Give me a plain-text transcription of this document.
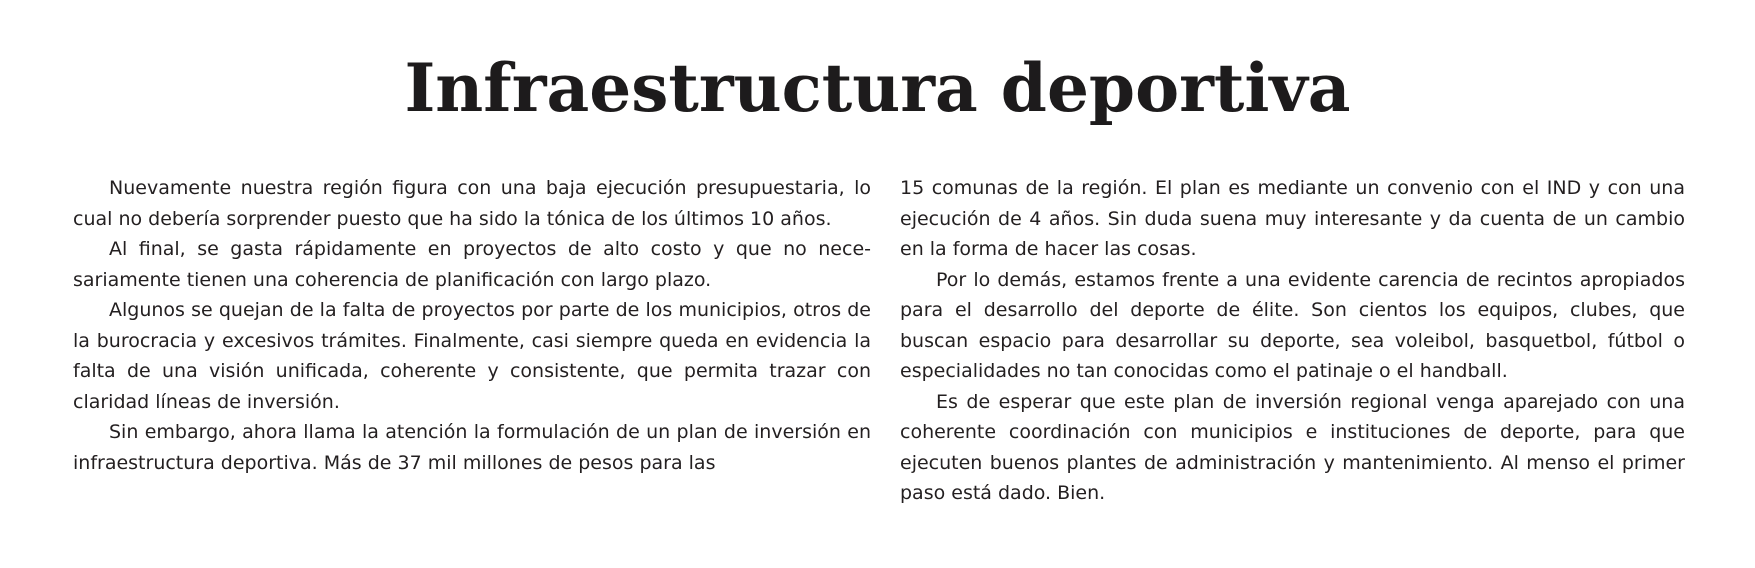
Infraestructura deportiva

Nuevamente nuestra región figura con una baja ejecución presupuestaria, lo cual no debería sorprender puesto que ha sido la tónica de los últimos 10 años.

Al final, se gasta rápidamente en proyectos de alto costo y que no necesariamente tienen una coherencia de planificación con largo plazo.

Algunos se quejan de la falta de proyectos por parte de los municipios, otros de la burocracia y excesivos trámites. Finalmente, casi siempre queda en evidencia la falta de una visión unificada, coherente y consistente, que permita trazar con claridad líneas de inversión.

Sin embargo, ahora llama la atención la formulación de un plan de inversión en infraestructura deportiva. Más de 37 mil millones de pesos para las

15 comunas de la región. El plan es mediante un convenio con el IND y con una ejecución de 4 años. Sin duda suena muy interesante y da cuenta de un cambio en la forma de hacer las cosas.

Por lo demás, estamos frente a una evidente carencia de recintos apropiados para el desarrollo del deporte de élite. Son cientos los equipos, clubes, que buscan espacio para desarrollar su deporte, sea voleibol, basquetbol, fútbol o especialidades no tan conocidas como el patinaje o el handball.

Es de esperar que este plan de inversión regional venga aparejado con una coherente coordinación con municipios e instituciones de deporte, para que ejecuten buenos plantes de administración y mantenimiento. Al menso el primer paso está dado. Bien.
